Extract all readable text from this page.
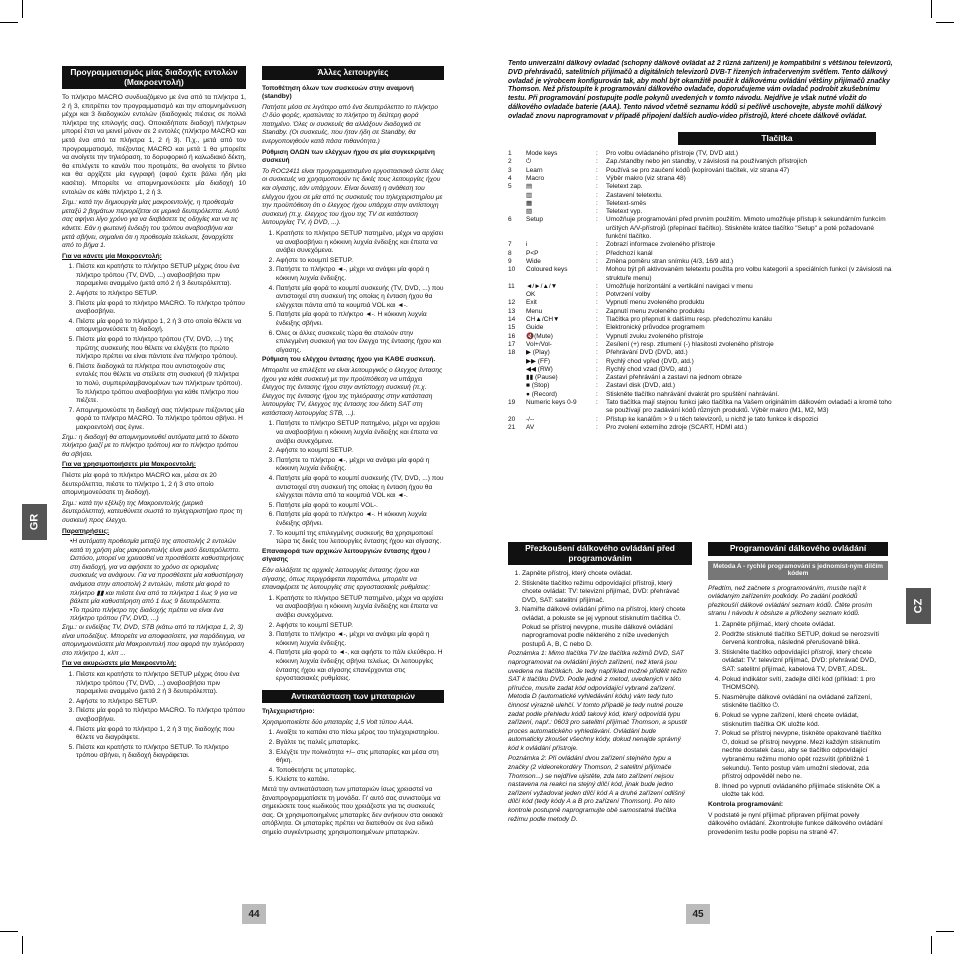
GR
CZ
44	45
Προγραμματισμός μίας διαδοχής εντολών (Μακροεντολή)

Το πλήκτρο MACRO συνδυαζόμενο με ένα από τα πλήκτρα 1, 2 ή 3, επιτρέπει τον προγραμματισμό και την απομνημόνευση μέχρι και 3 διαδοχικών εντολών (διαδοχικές πιέσεις σε πολλά πλήκτρα της επιλογής σας). Οποιαδήποτε διαδοχή πλήκτρων μπορεί έτσι να μεινεί μόνον σε 2 εντολές (πλήκτρο MACRO και μετά ένα από τα πλήκτρα 1, 2 ή 3). Π.χ., μετά από τον προγραμματισμό, πιέζοντας MACRO και μετά 1 θα μπορείτε να ανοίγετε την τηλεόραση, το δορυφορικό ή καλωδιακό δέκτη, θα επιλέγετε το κανάλι που προτιμάτε, θα ανοίγετε το βίντεο και θα αρχίζετε μία εγγραφή (αφού έχετε βάλει ήδη μία κασέτα). Μπορείτε να απομνημονεύσετε μία διαδοχή 10 εντολών σε κάθε πλήκτρο 1, 2 ή 3.

Σημ.: κατά την δημιουργία μίας μακροεντολής, η προθεσμία μεταξύ 2 βημάτων περιορίζεται σε μερικά δευτερόλεπτα. Αυτό σας αφήνει λίγο χρόνο για να διαβάσετε τις οδηγίες και να τις κάνετε. Εάν η φωτεινή ένδειξη του τρόπου αναβοσβήνει και μετά σβήνει, σημαίνει ότι η προθεσμία τελείωσε, ξαναρχίστε από το βήμα 1.

Για να κάνετε μία Μακροεντολή:

1. Πιέστε και κρατήστε το πλήκτρο SETUP μέχρις ότου ένα πλήκτρο τρόπου (TV, DVD, ...) αναβοσβήσει πριν παραμείνει αναμμένο (μετά από 2 ή 3 δευτερόλεπτα).
2. Αφήστε το πλήκτρο SETUP.
3. Πιέστε μία φορά το πλήκτρο MACRO. Το πλήκτρο τρόπου αναβοσβήνει.
4. Πιέστε μία φορά το πλήκτρο 1, 2 ή 3 στο οποίο θέλετε να απομνημονεύσετε τη διαδοχή.
5. Πιέστε μία φορά το πλήκτρο τρόπου (TV, DVD, ...) της πρώτης συσκευής που θέλετε να ελέγξετε (το πρώτο πλήκτρο πρέπει να είναι πάντοτε ένα πλήκτρο τρόπου).
6. Πιέστε διαδοχικά τα πλήκτρα που αντιστοιχούν στις εντολές που θέλετε να στείλετε στη συσκευή (9 πλήκτρα το πολύ, συμπεριλαμβανομένων των πλήκτρων τρόπου). Το πλήκτρο τρόπου αναβοσβήνει για κάθε πλήκτρο που πιέζετε.
7. Απομνημονεύστε τη διαδοχή σας πλήκτρων πιέζοντας μία φορά το πλήκτρο MACRO. Το πλήκτρο τρόπου σβήνει. Η μακροεντολή σας έγινε.

Σημ.: η διαδοχή θα απομνημονευθεί αυτόματα μετά το δέκατο πλήκτρο (μαζί με το πλήκτρο τρόπου) και το πλήκτρο τρόπου θα σβήσει.

Για να χρησιμοποιήσετε μία Μακροεντολή:

Πιέστε μία φορά το πλήκτρο MACRO και, μέσα σε 20 δευτερόλεπτα, πιέστε το πλήκτρο 1, 2 ή 3 στο οποίο απομνημονεύσατε τη διαδοχή.

Σημ.: κατά την εξέλιξη της Μακροεντολής (μερικά δευτερόλεπτα), κατευθύνετε σωστά το τηλεχειριστήριο προς τη συσκευή προς έλεγχο.

Παρατηρήσεις:

• Η αυτόματη προθεσμία μεταξύ της αποστολής 2 εντολών κατά τη χρήση μίας μακροεντολής είναι μισό δευτερόλεπτο. Ωστόσο, μπορεί να χρειασθεί να προσθέσετε καθυστερήσεις στη διαδοχή, για να αφήσετε το χρόνο σε ορισμένες συσκευές να ανάψουν. Για να προσθέσετε μία καθυστέρηση ανάμεσα στην αποστολή 2 εντολών, πιέστε μία φορά το πλήκτρο ▮▮ και πιέστε ένα από τα πλήκτρα 1 έως 9 για να βάλετε μία καθυστέρηση από 1 έως 9 δευτερόλεπτα.
• Το πρώτο πλήκτρο της διαδοχής πρέπει να είναι ένα πλήκτρο τρόπου (TV, DVD, ...)

Σημ.: οι ενδείξεις TV, DVD, STB (κάτω από τα πλήκτρα 1, 2, 3) είναι υποδείξεις. Μπορείτε να αποφασίσετε, για παράδειγμα, να απομνημονεύσετε μία Μακροεντολή που αφορά την τηλεόραση στο πλήκτρο 1, κλπ ...

Για να ακυρώσετε μία Μακροεντολή:

1. Πιέστε και κρατήστε το πλήκτρο SETUP μέχρις ότου ένα πλήκτρο τρόπου (TV, DVD, ...) αναβοσβήσει πριν παραμείνει αναμμένο (μετά 2 ή 3 δευτερόλεπτα).
2. Αφήστε το πλήκτρο SETUP.
3. Πιέστε μία φορά το πλήκτρο MACRO. Το πλήκτρο τρόπου αναβοσβήνει.
4. Πιέστε μία φορά το πλήκτρο 1, 2 ή 3 της διαδοχής που θέλετε να διαγράψετε.
5. Πιέστε και κρατήστε το πλήκτρο SETUP. Το πλήκτρο τρόπου σβήνει, η διαδοχή διαγράφεται.
Άλλες λειτουργίες

Τοποθέτηση όλων των συσκευών στην αναμονή (standby)

Πατήστε μέσα σε λιγότερο από ένα δευτερόλεπτο το πλήκτρο ⏻ δύο φορές, κρατώντας το πλήκτρο τη δεύτερη φορά πατημένο. Όλες οι συσκευές θα αλλάξουν διαδοχικά σε Standby. (Οι συσκευές, που ήταν ήδη σε Standby, θα ενεργοποιηθούν κατά πάσα πιθανότητα.)

Ρύθμιση ΟΛΩΝ των ελέγχων ήχου σε μία συγκεκριμένη συσκευή

Το ROC2411 είναι προγραμματισμένο εργοστασιακά ώστε όλες οι συσκευές να χρησιμοποιούν τις δικές τους λειτουργίες ήχου και σίγασης, εάν υπάρχουν. Είναι δυνατή η ανάθεση του ελέγχου ήχου σε μία από τις συσκευές του τηλεχειριστηρίου με την προϋπόθεση ότι ο έλεγχος ήχου υπάρχει στην αντίστοιχη συσκευή (π.χ. έλεγχος του ήχου της TV σε κατάσταση λειτουργίας TV, ή DVD, ...).

1. Κρατήστε το πλήκτρο SETUP πατημένο, μέχρι να αρχίσει να αναβοσβήνει η κόκκινη λυχνία ένδειξης και έπειτα να ανάβει συνεχόμενα.
2. Αφήστε το κουμπί SETUP.
3. Πατήστε το πλήκτρο ◄‑, μέχρι να ανάψει μία φορά η κόκκινη λυχνία ένδειξης.
4. Πατήστε μία φορά το κουμπί συσκευής (TV, DVD, ...) που αντιστοιχεί στη συσκευή της οποίας η ένταση ήχου θα ελέγχεται πάντα από τα κουμπιά VOL και ◄‑.
5. Πατήστε μία φορά το πλήκτρο ◄‑. Η κόκκινη λυχνία ένδειξης σβήνει.
6. Όλες οι άλλες συσκευές τώρα θα σταλούν στην επιλεγμένη συσκευή για τον έλεγχο της έντασης ήχου και σίγασης.

Ρύθμιση του ελέγχου έντασης ήχου για ΚΑΘΕ συσκευή.

Μπορείτε να επιλέξετε να είναι λειτουργικός ο έλεγχος έντασης ήχου για κάθε συσκευή με την προϋπόθεση να υπάρχει έλεγχος της έντασης ήχου στην αντίστοιχη συσκευή (π.χ. έλεγχος της έντασης ήχου της τηλεόρασης στην κατάσταση λειτουργίας TV, έλεγχος της έντασης του δέκτη SAT στη κατάσταση λειτουργίας STB, ...).

1. Πατήστε το πλήκτρο SETUP πατημένο, μέχρι να αρχίσει να αναβοσβήνει η κόκκινη λυχνία ένδειξης και έπειτα να ανάβει συνεχόμενα.
2. Αφήστε το κουμπί SETUP.
3. Πατήστε το πλήκτρο ◄‑, μέχρι να ανάψει μία φορά η κόκκινη λυχνία ένδειξης.
4. Πατήστε μία φορά το κουμπί συσκευής (TV, DVD, ...) που αντιστοιχεί στη συσκευή της οποίας η ένταση ήχου θα ελέγχεται πάντα από τα κουμπιά VOL και ◄‑.
5. Πατήστε μία φορά το κουμπί VOL-.
6. Πατήστε μία φορά το πλήκτρο ◄‑. Η κόκκινη λυχνία ένδειξης σβήνει.
7. Το κουμπί της επιλεγμένης συσκευής θα χρησιμοποιεί τώρα τις δικές του λειτουργίες έντασης ήχου και σίγασης.

Επαναφορά των αρχικών λειτουργιών έντασης ήχου / σίγασης

Εάν αλλάξατε τις αρχικές λειτουργίες έντασης ήχου και σίγασης, όπως περιγράφεται παραπάνω, μπορείτε να επαναφέρετε τις λειτουργίες στις εργοστασιακές ρυθμίσεις:

1. Κρατήστε το πλήκτρο SETUP πατημένο, μέχρι να αρχίσει να αναβοσβήνει η κόκκινη λυχνία ένδειξης και έπειτα να ανάβει συνεχόμενα.
2. Αφήστε το κουμπί SETUP.
3. Πατήστε το πλήκτρο ◄‑, μέχρι να ανάψει μία φορά η κόκκινη λυχνία ένδειξης.
4. Πατήστε μία φορά το ◄‑, και αφήστε το πάλι ελεύθερο. Η κόκκινη λυχνία ένδειξης σβήνει τελείως. Οι λειτουργίες έντασης ήχου και σίγασης επανέρχονται στις εργοστασιακές ρυθμίσεις.
Αντικατάσταση των μπαταριών

Τηλεχειριστήριο:

Χρησιμοποιείστε δύο μπαταρίες 1,5 Volt τύπου AAA.

1. Ανοίξτε το καπάκι στο πίσω μέρος του τηλεχειριστηρίου.
2. Βγάλτε τις παλιές μπαταρίες.
3. Ελέγξτε την πολικότητα +/– στις μπαταρίες και μέσα στη θήκη.
4. Τοποθετήστε τις μπαταρίες.
5. Κλείστε το καπάκι.

Μετά την αντικατάσταση των μπαταριών ίσως χρειαστεί να ξαναπρογραμματίσετε τη μονάδα. Γι' αυτό σας συνιστούμε να σημειώσετε τους κωδικούς που χρειάζεστε για τις συσκευές σας. Οι χρησιμοποιημένες μπαταρίες δεν ανήκουν στα οικιακά απόβλητα. Οι μπαταρίες πρέπει να διατεθούν σε ένα ειδικό σημείο συγκέντρωσης χρησιμοποιημένων μπαταριών.

Tento univerzální dálkový ovladač (schopný dálkově ovládat až 2 různá zařízení) je kompatibilní s většinou televizorů, DVD přehrávačů, satelitních přijímačů a digitálních televizorů DVB-T řízených infračerveným světlem. Tento dálkový ovladač je výrobcem konfigurován tak, aby mohl být okamžitě použit k dálkovému ovládání většiny přijímačů značky Thomson. Než přistoupíte k programování dálkového ovladače, doporučujeme vám ovladač podrobit zkušebnímu testu. Při programování postupujte podle pokynů uvedených v tomto návodu. Nejdříve je však nutné vložit do dálkového ovladače baterie (AAA). Tento návod včetně seznamu kódů si pečlivě uschovejte, abyste mohli dálkový ovladač znovu naprogramovat v případě připojení dalších audio-video přístrojů, které chcete dálkově ovládat.

Tlačítka
1	Mode keys	:	Pro volbu ovládaného přístroje (TV, DVD atd.)
2	⏻	:	Zap./standby nebo jen standby, v závislosti na používaných přístrojích
3	Learn	:	Používá se pro zaučení kódů (kopírování tlačítek, viz strana 47)
4	Macro	:	Výběr makro (viz strana 48)
5	▤	:	Teletext zap.
	▥	:	Zastavení teletextu.
	▦	:	Teletext-směs
	▧	:	Teletext vyp.
6	Setup	:	Umožňuje programování před prvním použitím. Mimoto umožňuje přístup k sekundárním funkcím určitých A/V-přístrojů (přepínací tlačítko). Stiskněte krátce tlačítko "Setup" a poté požadované funkční tlačítko.
7	i	:	Zobrazí informace zvoleného přístroje
8	P<P	:	Předchozí kanál
9	Wide	:	Změna poměru stran snímku (4/3, 16/9 atd.)
10	Coloured keys	:	Mohou být při aktivovaném teletextu použita pro volbu kategorií a speciálních funkcí (v závislosti na struktuře menu)
11	◄/►/▲/▼	:	Umožňuje horizontální a vertikální navigaci v menu
	OK	:	Potvrzení volby
12	Exit	:	Vypnutí menu zvoleného produktu
13	Menu	:	Zapnutí menu zvoleného produktu
14	CH▲/CH▼	:	Tlačítka pro přepnutí k dalšímu resp. předchozímu kanálu
15	Guide	:	Elektronický průvodce programem
16	🔇(Mute)	:	Vypnutí zvuku zvoleného přístroje
17	Vol+/Vol-	:	Zesílení (+) resp. ztlumení (-) hlasitosti zvoleného přístroje
18	▶ (Play)	:	Přehrávání DVD (DVD, atd.)
	▶▶ (FF)	:	Rychlý chod vpřed (DVD, atd.)
	◀◀ (RW)	:	Rychlý chod vzad (DVD, atd.)
	▮▮ (Pause)	:	Zastaví přehrávání a zastaví na jednom obraze
	■ (Stop)	:	Zastaví disk (DVD, atd.)
	● (Record)	:	Stiskněte tlačítko nahrávání dvakrát pro spuštění nahrávání.
19	Numeric keys 0-9	:	Tato tlačítka mají stejnou funkci jako tlačítka na Vašem originálním dálkovém ovladači a kromě toho se používají pro zadávání kódů různých produktů. Výběr makro (M1, M2, M3)
20	-/--	:	Přístup ke kanálům > 9 u těch televizorů, u nichž je tato funkce k dispozici
21	AV	:	Pro zvolení externího zdroje (SCART, HDMI atd.)
Přezkoušení dálkového ovládání před programováním
1. Zapněte přístroj, který chcete ovládat.
2. Stiskněte tlačítko režimu odpovídající přístroji, který chcete ovládat: TV: televizní přijímač, DVD: přehrávač DVD, SAT: satelitní přijímač.
3. Namiřte dálkové ovládání přímo na přístroj, který chcete ovládat, a pokuste se jej vypnout stisknutím tlačítka ⏻. Pokud se přístroj nevypne, musíte dálkové ovládání naprogramovat podle některého z níže uvedených postupů A, B, C nebo D.

Poznámka 1: Mimo tlačítka TV lze tlačítka režimů DVD, SAT naprogramovat na ovládání jiných zařízení, než která jsou uvedena na tlačítkách. Je tedy například možné přidělit režim SAT k tlačítku DVD. Podle jedné z metod, uvedených v této příručce, musíte zadat kód odpovídající vybrané zařízení. Metoda D (automatické vyhledávání kódu) vám tedy tuto činnost výrazně ulehčí. V tomto případě je tedy nutné pouze zadat podle přehledu kódů takový kód, který odpovídá typu zařízení, např.: 0603 pro satelitní přijímač Thomson, a spustit proces automatického vyhledávání. Ovládání bude automaticky zkoušet všechny kódy, dokud nenajde správný kód k ovládání přístroje.

Poznámka 2: Při ovládání dvou zařízení stejného typu a značky (2 videorekordéry Thomson, 2 satelitní přijímače Thomson...) se nejdříve ujistěte, zda tato zařízení nejsou nastavena na reakci na stejný dílčí kód, jinak bude jedno zařízení vyžadovat jeden dílčí kód A a druhé zařízení odlišný dílčí kód (tedy kódy A a B pro zařízení Thomson). Po této kontrole postupně naprogramujte obě samostatná tlačítka režimu podle metody D.

Programování dálkového ovládání
Metoda A - rychlé programování s jednomíst-ným dílčím kódem

Předtím, než začnete s programováním, musíte najít k ovládaným zařízením podkódy. Po zadání podkódů přezkoušíí dálkové ovládání seznam kódů. Čtěte prosím stranu I návodu k obsluze a přiloženy seznam kódů.

1. Zapněte přijímač, který chcete ovládat.
2. Podržte stisknuté tlačítko SETUP, dokud se nerozsvítí červená kontrolka, následně přerušovaně bliká.
3. Stiskněte tlačítko odpovídající přístroji, který chcete ovládat: TV: televizní přijímač, DVD: přehrávač DVD, SAT: satelitní přijímač, kabelová TV, DVBT, ADSL.
4. Pokud indikátor svítí, zadejte dílčí kód (příklad: 1 pro THOMSON).
5. Nasměrujte dálkové ovládání na ovládané zařízení, stiskněte tlačítko ⏻.
6. Pokud se vypne zařízení, které chcete ovládat, stisknutím tlačítka OK uložte kód.
7. Pokud se přístroj nevypne, tiskněte opakovaně tlačítko ⏻, dokud se přístroj nevypne. Mezi každým stisknutím nechte dostatek času, aby se tlačítko odpovídající vybranému režimu mohlo opět rozsvítit (přibližně 1 sekundu). Tento postup vám umožní sledovat, zda přístroj odpověděl nebo ne.
8. Ihned po vypnutí ovládaného přijímače stiskněte OK a uložte tak kód.

Kontrola programování:

V podstatě je nyní přijímač připraven přijímat povely dálkového ovládání. Zkontrolujte funkce dálkového ovládání provedením testu podle popisu na straně 47.
